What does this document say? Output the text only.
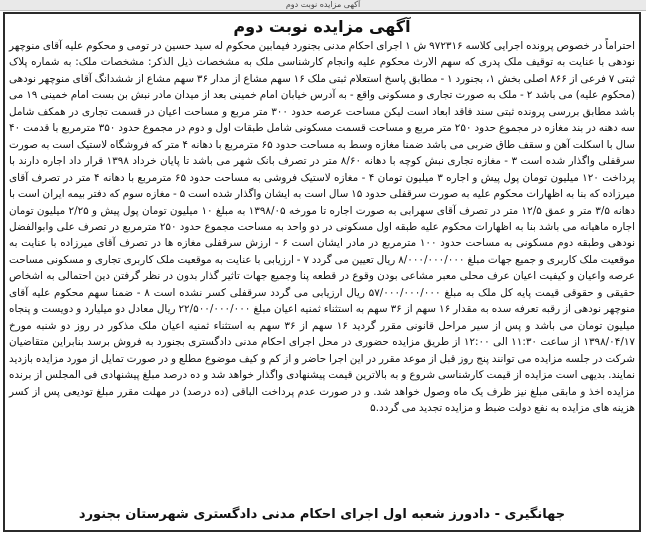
آکهی مزایده نوبت دوم
آگهی مزایده نوبت دوم
احتراماً در خصوص پرونده اجرایی کلاسه ۹۷۲۳۱۶ ش ۱ اجرای احکام مدنی بجنورد فیمابین محکوم له سید حسین در تومی و محکوم علیه آقای منوچهر نودهی با عنایت به توقیف ملک پدری که سهم الارث محکوم علیه وانجام کارشناسی ملک به مشخصات ذیل الذکر: مشخصات ملک: به شماره پلاک ثبتی ۷ فرعی از ۸۶۶ اصلی بخش ۱، بجنورد ۱ - مطابق پاسخ استعلام ثبتی ملک ۱۶ سهم مشاع از مدار ۳۶ سهم مشاع از ششدانگ آقای منوچهر نودهی (محکوم علیه) می باشد ۲ - ملک به صورت تجاری و مسکونی واقع - به آدرس خیابان امام خمینی بعد از میدان مادر نبش بن بست امام خمینی ۱۹ می باشد مطابق بررسی پرونده ثبتی سند فاقد ابعاد است لیکن مساحت عرصه حدود ۳۰۰ متر مربع و مساحت اعیان در قسمت تجاری در همکف شامل سه دهنه در بند مغازه در مجموع حدود ۲۵۰ متر مربع و مساحت قسمت مسکونی شامل طبقات اول و دوم در مجموع حدود ۳۵۰ مترمربع با قدمت ۴۰ سال با اسکلت آهن و سقف طاق ضربی می باشد ضمنا مغازه وسط به مساحت حدود ۶۵ مترمربع با دهانه ۴ متر که فروشگاه لاستیک است به صورت سرقفلی واگذار شده است ۳ - مغازه تجاری نبش کوچه با دهانه ۸/۶۰ متر در تصرف بانک شهر می باشد تا پایان خرداد ۱۳۹۸ قرار داد اجاره دارند با پرداخت ۱۲۰ میلیون تومان پول پیش و اجاره ۳ میلیون تومان ۴ - مغازه لاستیک فروشی به مساحت حدود ۶۵ مترمربع با دهانه ۴ متر در تصرف آقای میرزاده که بنا به اظهارات محکوم علیه به صورت سرقفلی حدود ۱۵ سال است به ایشان واگذار شده است ۵ - مغازه سوم که دفتر بیمه ایران است با دهانه ۳/۵ متر و عمق ۱۲/۵ متر در تصرف آقای سهرابی به صورت اجاره تا مورخه ۱۳۹۸/۰۵ به مبلغ ۱۰ میلیون تومان پول پیش و ۲/۲۵ میلیون تومان اجاره ماهیانه می باشد بنا به اظهارات محکوم علیه طبقه اول مسکونی در دو واحد به مساحت مجموع حدود ۲۵۰ مترمربع در تصرف علی وابوالفضل نودهی وطبقه دوم مسکونی به مساحت حدود ۱۰۰ مترمربع در مادر ایشان است ۶ - ارزش سرقفلی مغازه ها در تصرف آقای میرزاده با عنایت به موقعیت ملک کاربری و جمیع جهات مبلغ ۸/۰۰۰/۰۰۰/۰۰۰ ریال تعیین می گردد ۷ - ارزیابی با عنایت به موقعیت ملک کاربری تجاری و مسکونی مساحت عرصه واعیان و کیفیت اعیان عرف محلی معبر مشاعی بودن وقوع در قطعه پنا وجمیع جهات تاثیر گذار بدون در نظر گرفتن دین احتمالی به اشخاص حقیقی و حقوقی قیمت پایه کل ملک به مبلغ ۵۷/۰۰۰/۰۰۰/۰۰۰ ریال ارزیابی می گردد سرقفلی کسر نشده است ۸ - ضمنا سهم محکوم علیه آقای منوچهر نودهی از رقبه تعرفه سده به مقدار ۱۶ سهم از ۳۶ سهم به استثناء ثمنیه اعیان مبلغ ۲۲/۵۰۰/۰۰۰/۰۰۰ ریال معادل دو میلیارد و دویست و پنجاه میلیون تومان می باشد و پس از سیر مراحل قانونی مقرر گردید ۱۶ سهم از ۳۶ سهم به استثناء ثمنیه اعیان ملک مذکور در روز دو شنبه مورخ ۱۳۹۸/۰۴/۱۷ از ساعت ۱۱:۳۰ الی ۱۲:۰۰ از طریق مزایده حضوری در محل اجرای احکام مدنی دادگستری بجنورد به فروش برسد بنابراین متقاضیان شرکت در جلسه مزایده می توانند پنج روز قبل از موعد مقرر در این اجرا حاضر و از کم و کیف موضوع مطلع و در صورت تمایل از مورد مزایده بازدید نمایند. بدیهی است مزایده از قیمت کارشناسی شروع و به بالاترین قیمت پیشنهادی واگذار خواهد شد و ده درصد مبلغ پیشنهادی فی المجلس از برنده مزایده اخذ و مابقی مبلغ نیز ظرف یک ماه وصول خواهد شد. و در صورت عدم پرداخت الباقی (ده درصد) در مهلت مقرر مبلغ تودیعی پس از کسر هزینه های مزایده به نفع دولت ضبط و مزایده تجدید می گردد.۵
جهانگیری - دادورز شعبه اول اجرای احکام مدنی دادگستری شهرستان بجنورد
